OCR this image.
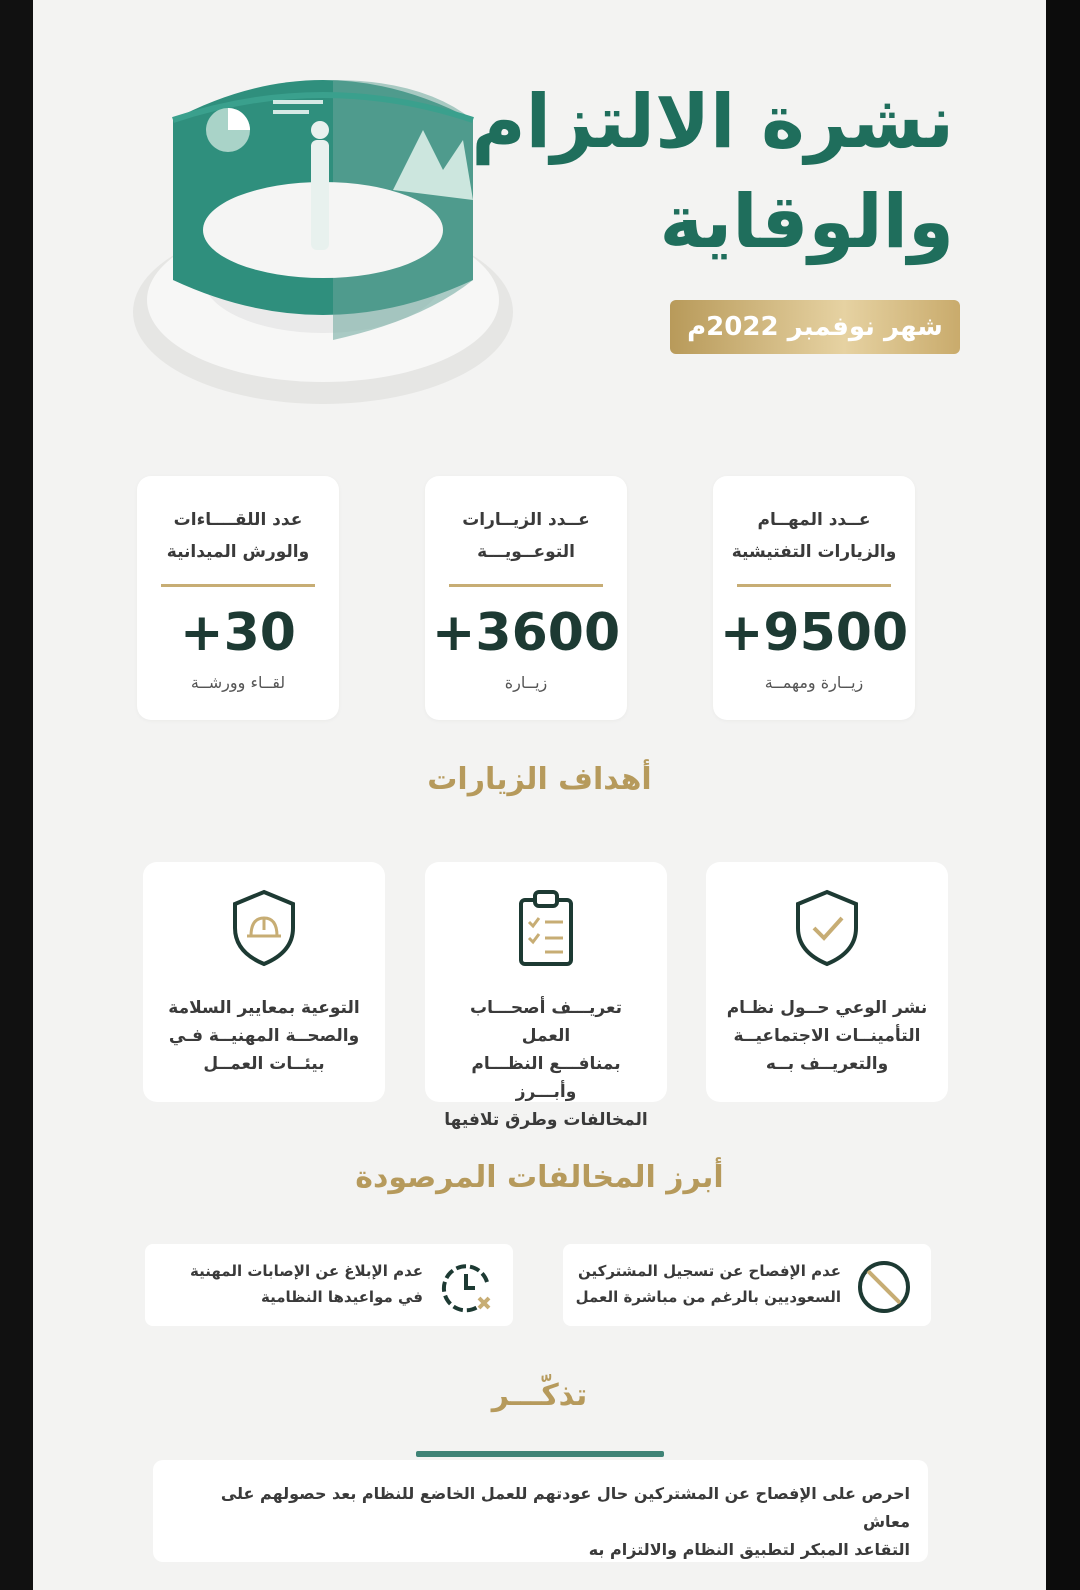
نشرة الالتزام
والوقاية
شهر نوفمبر 2022م
عــدد المهــام
والزيارات التفتيشية
+9500
زيــارة ومهمــة
عــدد الزيــارات
التوعــويـــة
+3600
زيــارة
عدد اللقــــاءات
والورش الميدانية
+30
لقــاء وورشــة
أهداف الزيارات
نشر الوعي حــول نظـام
التأمينــات الاجتماعيــة
والتعريــف بــه
تعريـــف أصحـــاب العمل
بمنافـــع النظـــام وأبـــرز
المخالفات وطرق تلافيها
التوعية بمعايير السلامة
والصحــة المهنيــة فـي
بيئــات العمــل
أبرز المخالفات المرصودة
عدم الإفصاح عن تسجيل المشتركين
السعوديين بالرغم من مباشرة العمل
عدم الإبلاغ عن الإصابات المهنية
في مواعيدها النظامية
تذكّـــر
احرص على الإفصاح عن المشتركين حال عودتهم للعمل الخاضع للنظام بعد حصولهم على معاش
التقاعد المبكر لتطبيق النظام والالتزام به
